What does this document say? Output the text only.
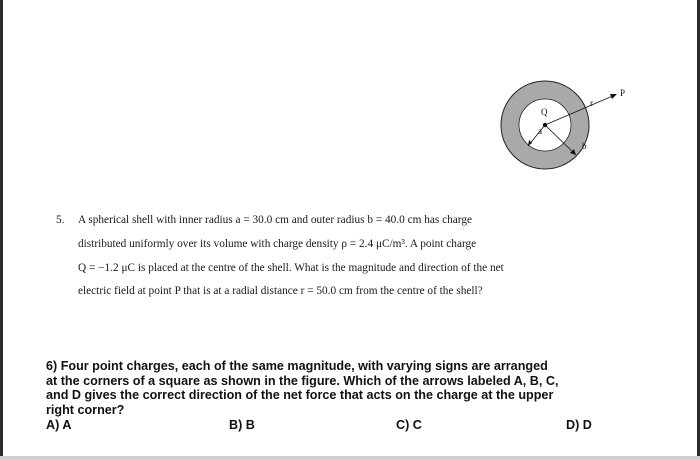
Q
a
b
r
P
5. A spherical shell with inner radius a = 30.0 cm and outer radius b = 40.0 cm has charge
distributed uniformly over its volume with charge density ρ = 2.4 μC/m³. A point charge
Q = −1.2 μC is placed at the centre of the shell. What is the magnitude and direction of the net
electric field at point P that is at a radial distance r = 50.0 cm from the centre of the shell?
6) Four point charges, each of the same magnitude, with varying signs are arranged
at the corners of a square as shown in the figure. Which of the arrows labeled A, B, C,
and D gives the correct direction of the net force that acts on the charge at the upper
right corner?
A) A	B) B	C) C	D) D
